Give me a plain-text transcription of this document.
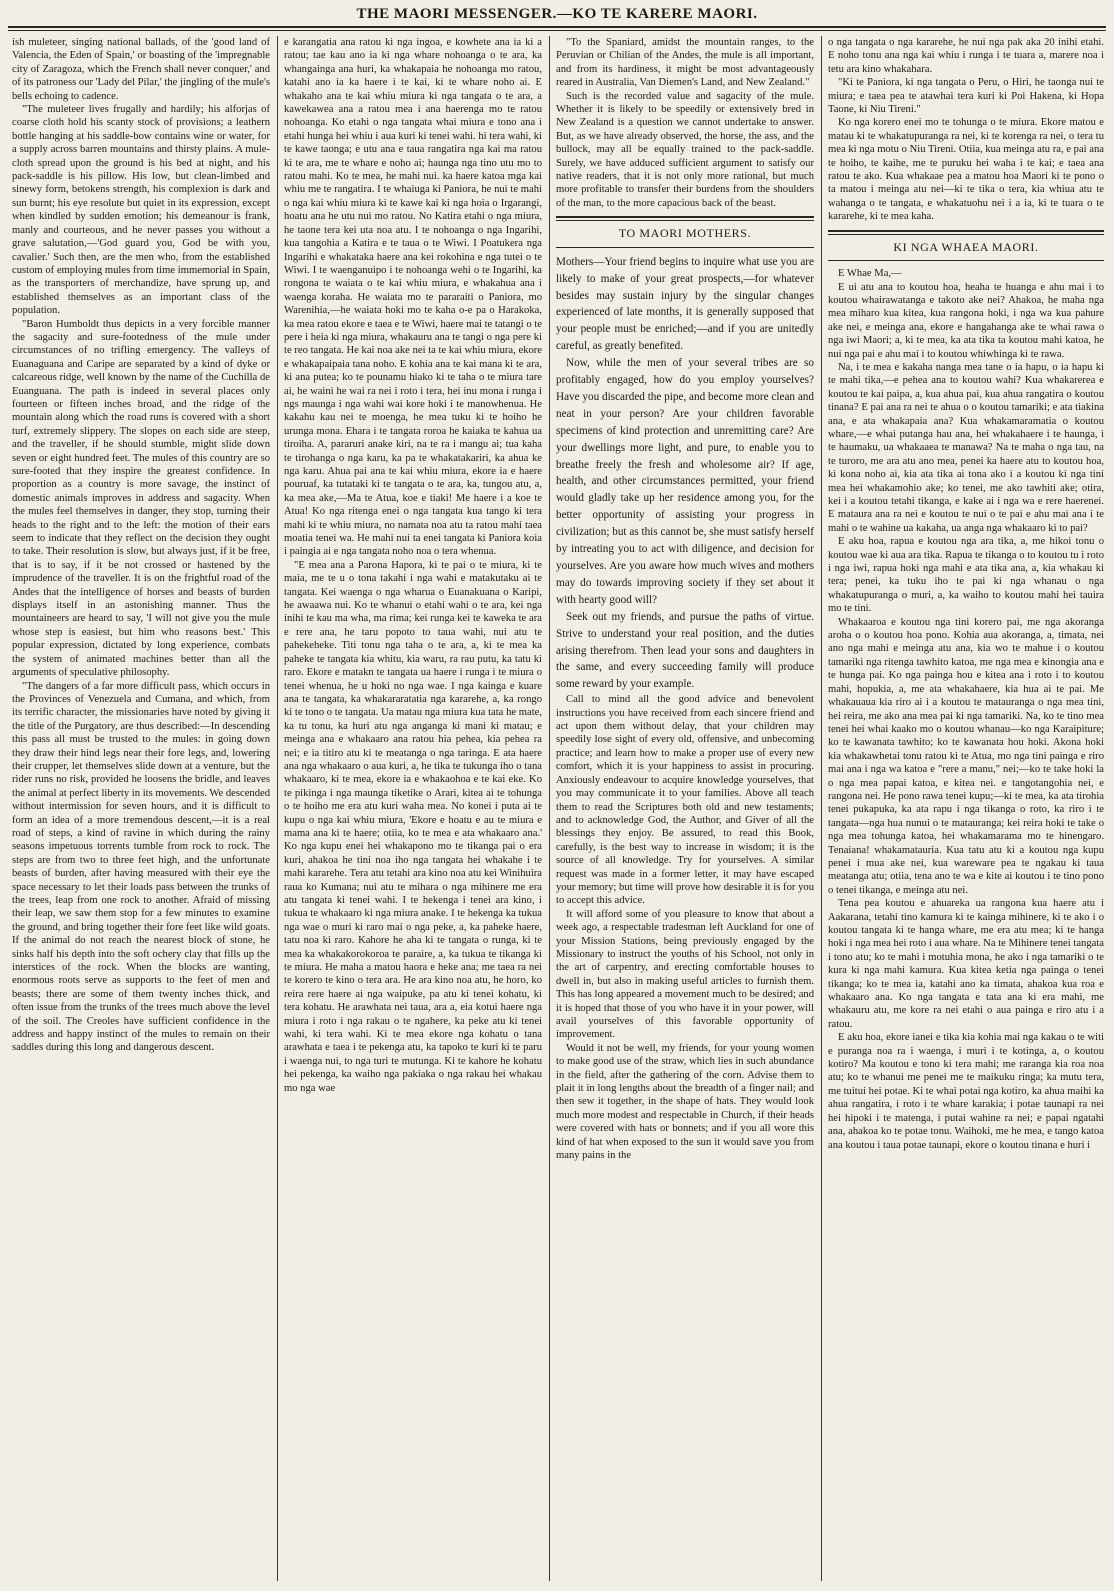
THE MAORI MESSENGER.—KO TE KARERE MAORI.

ish muleteer, singing national ballads, of the 'good land of Valencia, the Eden of Spain,' or boasting of the 'impregnable city of Zaragoza, which the French shall never conquer,' and of its patroness our 'Lady del Pilar,' the jingling of the mule's bells echoing to cadence.

"The muleteer lives frugally and hardily; his alforjas of coarse cloth hold his scanty stock of provisions; a leathern bottle hanging at his saddle-bow contains wine or water, for a supply across barren mountains and thirsty plains. A mule-cloth spread upon the ground is his bed at night, and his pack-saddle is his pillow. His low, but clean-limbed and sinewy form, betokens strength, his complexion is dark and sun burnt; his eye resolute but quiet in its expression, except when kindled by sudden emotion; his demeanour is frank, manly and courteous, and he never passes you without a grave salutation,—'God guard you, God be with you, cavalier.' Such then, are the men who, from the established custom of employing mules from time immemorial in Spain, as the transporters of merchandize, have sprung up, and established themselves as an important class of the population.

"Baron Humboldt thus depicts in a very forcible manner the sagacity and sure-footedness of the mule under circumstances of no trifling emergency. The valleys of Euanaguana and Caripe are separated by a kind of dyke or calcareous ridge, well known by the name of the Cuchilla de Euanguana. The path is indeed in several places only fourteen or fifteen inches broad, and the ridge of the mountain along which the road runs is covered with a short turf, extremely slippery. The slopes on each side are steep, and the traveller, if he should stumble, might slide down seven or eight hundred feet. The mules of this country are so sure-footed that they inspire the greatest confidence. In proportion as a country is more savage, the instinct of domestic animals improves in address and sagacity. When the mules feel themselves in danger, they stop, turning their heads to the right and to the left: the motion of their ears seem to indicate that they reflect on the decision they ought to take. Their resolution is slow, but always just, if it be free, that is to say, if it be not crossed or hastened by the imprudence of the traveller. It is on the frightful road of the Andes that the intelligence of horses and beasts of burden displays itself in an astonishing manner. Thus the mountaineers are heard to say, 'I will not give you the mule whose step is easiest, but him who reasons best.' This popular expression, dictated by long experience, combats the system of animated machines better than all the arguments of speculative philosophy.

"The dangers of a far more difficult pass, which occurs in the Provinces of Venezuela and Cumana, and which, from its terrific character, the missionaries have noted by giving it the title of the Purgatory, are thus described:—In descending this pass all must be trusted to the mules: in going down they draw their hind legs near their fore legs, and, lowering their crupper, let themselves slide down at a venture, but the rider runs no risk, provided he loosens the bridle, and leaves the animal at perfect liberty in its movements. We descended without intermission for seven hours, and it is difficult to form an idea of a more tremendous descent,—it is a real road of steps, a kind of ravine in which during the rainy seasons impetuous torrents tumble from rock to rock. The steps are from two to three feet high, and the unfortunate beasts of burden, after having measured with their eye the space necessary to let their loads pass between the trunks of the trees, leap from one rock to another. Afraid of missing their leap, we saw them stop for a few minutes to examine the ground, and bring together their fore feet like wild goats. If the animal do not reach the nearest block of stone, he sinks half his depth into the soft ochery clay that fills up the interstices of the rock. When the blocks are wanting, enormous roots serve as supports to the feet of men and beasts; there are some of them twenty inches thick, and often issue from the trunks of the trees much above the level of the soil. The Creoles have sufficient confidence in the address and happy instinct of the mules to remain on their saddles during this long and dangerous descent.

e karangatia ana ratou ki nga ingoa, e kowhete ana ia ki a ratou; tae kau ano ia ki nga whare nohoanga o te ara, ka whangainga ana huri, ka whakapaia he nohoanga mo ratou, katahi ano ia ka haere i te kai, ki te whare noho ai. E whakaho ana te kai whiu miura ki nga tangata o te ara, a kawekawea ana a ratou mea i ana haerenga mo te ratou nohoanga. Ko etahi o nga tangata whai miura e tono ana i etahi hunga hei whiu i aua kuri ki tenei wahi. hi tera wahi, ki te kawe taonga; e utu ana e taua rangatira nga kai ma ratou ki te ara, me te whare e noho ai; haunga nga tino utu mo to ratou mahi. Ko te mea, he mahi nui. ka haere katoa mga kai whiu me te rangatira. I te whaiuga ki Paniora, he nui te mahi o nga kai whiu miura ki te kawe kai ki nga hoia o Irgarangi, hoatu ana he utu nui mo ratou. No Katira etahi o nga miura, he taone tera kei uta noa atu. I te nohoanga o nga Ingarihi, kua tangohia a Katira e te taua o te Wiwi. I Poatukera nga Ingarihi e whakataka haere ana kei rokohina e nga tutei o te Wiwi. I te waenganuipo i te nohoanga wehi o te Ingarihi, ka rongona te waiata o te kai whiu miura, e whakahua ana i waenga koraha. He waiata mo te pararaiti o Paniora, mo Warenihia,—he waiata hoki mo te kaha o-e pa o Harakoka, ka mea ratou ekore e taea e te Wiwi, haere mai te tatangi o te pere i heia ki nga miura, whakauru ana te tangi o nga pere ki te reo tangata. He kai noa ake nei ta te kai whiu miura, ekore e whakapaipaia tana noho. E kohia ana te kai mana ki te ara, ki ana putea; ko te pounamu hiako ki te taha o te miura tare ai, he waini he wai ra nei i roto i tera, hei inu mona i runga i ngs maunga i nga wahi wai kore hoki i te manowhenua. He kakahu kau nei te moenga, he mea tuku ki te hoiho he urunga mona. Ehara i te tangata roroa he kaiaka te kahua ua tiroiha. A, pararuri anake kiri, na te ra i mangu ai; tua kaha te tirohanga o nga karu, ka pa te whakatakariri, ka ahua ke nga karu. Ahua pai ana te kai whiu miura, ekore ia e haere pouruaf, ka tutataki ki te tangata o te ara, ka, tungou atu, a, ka mea ake,—Ma te Atua, koe e tiaki! Me haere i a koe te Atua! Ko nga ritenga enei o nga tangata kua tango ki tera mahi ki te whiu miura, no namata noa atu ta ratou mahi taea moatia tenei wa. He mahi nui ta enei tangata ki Paniora koia i paingia ai e nga tangata noho noa o tera whenua.

"E mea ana a Parona Hapora, ki te pai o te miura, ki te maia, me te u o tona takahi i nga wahi e matakutaku ai te tangata. Kei waenga o nga wharua o Euanakuana o Karipi, he awaawa nui. Ko te whanui o etahi wahi o te ara, kei nga inihi te kau ma wha, ma rima; kei runga kei te kaweka te ara e rere ana, he taru popoto to taua wahi, nui atu te pahekeheke. Titi tonu nga taha o te ara, a, ki te mea ka paheke te tangata kia whitu, kia waru, ra rau putu, ka tatu ki raro. Ekore e matakn te tangata ua haere i runga i te miura o tenei whenua, he u hoki no nga wae. I nga kainga e kuare ana te tangata, ka whakararatatia nga kararehe, a, ka rongo ki te tono o te tangata. Ua matau nga miura kua tata he mate, ka tu tonu, ka huri atu nga anganga ki mani ki matau; e meinga ana e whakaaro ana ratou hia pehea, kia pehea ra nei; e ia titiro atu ki te meatanga o nga taringa. E ata haere ana nga whakaaro o aua kuri, a, he tika te tukunga iho o tana whakaaro, ki te mea, ekore ia e whakaohoa e te kai eke. Ko te pikinga i nga maunga tiketike o Arari, kitea ai te tohunga o te hoiho me era atu kuri waha mea. No konei i puta ai te kupu o nga kai whiu miura, 'Ekore e hoatu e au te miura e mama ana ki te haere; otiia, ko te mea e ata whakaaro ana.' Ko nga kupu enei hei whakapono mo te tikanga pai o era kuri, ahakoa he tini noa iho nga tangata hei whakahe i te mahi kararehe. Tera atu tetahi ara kino noa atu kei Winihuira raua ko Kumana; nui atu te mihara o nga mihinere me era atu tangata ki tenei wahi. I te hekenga i tenei ara kino, i tukua te whakaaro ki nga miura anake. I te hekenga ka tukua nga wae o muri ki raro mai o nga peke, a, ka paheke haere, tatu noa ki raro. Kahore he aha ki te tangata o runga, ki te mea ka whakakorokoroa te paraire, a, ka tukua te tikanga ki te miura. He maha a matou haora e heke ana; me taea ra nei te korero te kino o tera ara. He ara kino noa atu, he horo, ko reira rere haere ai nga waipuke, pa atu ki tenei kohatu, ki tera kohatu. He arawhata nei taua, ara a, eia kotui haere nga miura i roto i nga rakau o te ngahere, ka peke atu ki tenei wahi, ki tera wahi. Ki te mea ekore nga kohatu o tana arawhata e taea i te pekenga atu, ka tapoko te kuri ki te paru i waenga nui, to nga turi te mutunga. Ki te kahore he kohatu hei pekenga, ka waiho nga pakiaka o nga rakau hei whakau mo nga wae

"To the Spaniard, amidst the mountain ranges, to the Peruvian or Chilian of the Andes, the mule is all important, and from its hardiness, it might be most advantageously reared in Australia, Van Diemen's Land, and New Zealand."

Such is the recorded value and sagacity of the mule. Whether it is likely to be speedily or extensively bred in New Zealand is a question we cannot undertake to answer. But, as we have already observed, the horse, the ass, and the bullock, may all be equally trained to the pack-saddle. Surely, we have adduced sufficient argument to satisfy our native readers, that it is not only more rational, but much more profitable to transfer their burdens from the shoulders of the man, to the more capacious back of the beast.

TO MAORI MOTHERS.

Mothers—Your friend begins to inquire what use you are likely to make of your great prospects,—for whatever besides may sustain injury by the singular changes experienced of late months, it is generally supposed that your people must be enriched;—and if you are unitedly careful, as greatly benefited.

Now, while the men of your several tribes are so profitably engaged, how do you employ yourselves? Have you discarded the pipe, and become more clean and neat in your person? Are your children favorable specimens of kind protection and unremitting care? Are your dwellings more light, and pure, to enable you to breathe freely the fresh and wholesome air? If age, health, and other circumstances permitted, your friend would gladly take up her residence among you, for the better opportunity of assisting your progress in civilization; but as this cannot be, she must satisfy herself by intreating you to act with diligence, and decision for yourselves. Are you aware how much wives and mothers may do towards improving society if they set about it with hearty good will?

Seek out my friends, and pursue the paths of virtue. Strive to understand your real position, and the duties arising therefrom. Then lead your sons and daughters in the same, and every succeeding family will produce some reward by your example.

Call to mind all the good advice and benevolent instructions you have received from each sincere friend and act upon them without delay, that your children may speedily lose sight of every old, offensive, and unbecoming practice; and learn how to make a proper use of every new comfort, which it is your happiness to assist in procuring. Anxiously endeavour to acquire knowledge yourselves, that you may communicate it to your families. Above all teach them to read the Scriptures both old and new testaments; and to acknowledge God, the Author, and Giver of all the blessings they enjoy. Be assured, to read this Book, carefully, is the best way to increase in wisdom; it is the source of all knowledge. Try for yourselves. A similar request was made in a former letter, it may have escaped your memory; but time will prove how desirable it is for you to accept this advice.

It will afford some of you pleasure to know that about a week ago, a respectable tradesman left Auckland for one of your Mission Stations, being previously engaged by the Missionary to instruct the youths of his School, not only in the art of carpentry, and erecting comfortable houses to dwell in, but also in making useful articles to furnish them. This has long appeared a movement much to be desired; and it is hoped that those of you who have it in your power, will avail yourselves of this favorable opportunity of improvement.

Would it not be well, my friends, for your young women to make good use of the straw, which lies in such abundance in the field, after the gathering of the corn. Advise them to plait it in long lengths about the breadth of a finger nail; and then sew it together, in the shape of hats. They would look much more modest and respectable in Church, if their heads were covered with hats or bonnets; and if you all wore this kind of hat when exposed to the sun it would save you from many pains in the

o nga tangata o nga kararehe, he nui nga pak aka 20 inihi etahi. E noho tonu ana nga kai whiu i runga i te tuara a, marere noa i tetu ara kino whakahara.

"Ki te Paniora, ki nga tangata o Peru, o Hiri, he taonga nui te miura; e taea pea te atawhai tera kuri ki Poi Hakena, ki Hopa Taone, ki Niu Tireni."

Ko nga korero enei mo te tohunga o te miura. Ekore matou e matau ki te whakatupuranga ra nei, ki te korenga ra nei, o tera tu mea ki nga motu o Niu Tireni. Otiia, kua meinga atu ra, e pai ana te hoiho, te kaihe, me te puruku hei waha i te kai; e taea ana ratou te ako. Kua whakaae pea a matou hoa Maori ki te pono o ta matou i meinga atu nei—ki te tika o tera, kia whiua atu te wahanga o te tangata, e whakatuohu nei i a ia, ki te tuara o te kararehe, ki te mea kaha.

KI NGA WHAEA MAORI.

E Whae Ma,—

E ui atu ana to koutou hoa, heaha te huanga e ahu mai i to koutou whairawatanga e takoto ake nei? Ahakoa, he maha nga mea miharo kua kitea, kua rangona hoki, i nga wa kua pahure ake nei, e meinga ana, ekore e hangahanga ake te whai rawa o nga iwi Maori; a, ki te mea, ka ata tika ta koutou mahi katoa, he nui nga pai e ahu mai i to koutou whiwhinga ki te rawa.

Na, i te mea e kakaha nanga mea tane o ia hapu, o ia hapu ki te mahi tika,—e pehea ana to koutou wahi? Kua whakarerea e koutou te kai paipa, a, kua ahua pai, kua ahua rangatira o koutou tinana? E pai ana ra nei te ahua o o koutou tamariki; e ata tiakina ana, e ata whakapaia ana? Kua whakamaramatia o koutou whare,—e whai putanga hau ana, hei whakahaere i te haunga, i te haumaku, ua whakaaea te manawa? Na te maha o nga tau, na te turoro, me ara atu ano mea, penei ka haere atu to koutou hoa, ki kona noho ai, kia ata tika ai tona ako i a koutou ki nga tini mea hei whakamohio ake; ko tenei, me ako tawhiti ake; otira, kei i a koutou tetahi tikanga, e kake ai i nga wa e rere haerenei. E mataura ana ra nei e koutou te nui o te pai e ahu mai ana i te mahi o te wahine ua kakaha, ua anga nga whakaaro ki to pai?

E aku hoa, rapua e koutou nga ara tika, a, me hikoi tonu o koutou wae ki aua ara tika. Rapua te tikanga o to koutou tu i roto i nga iwi, rapua hoki nga mahi e ata tika ana, a, kia whakau ki tera; penei, ka tuku iho te pai ki nga whanau o nga whakatupuranga o muri, a, ka waiho to koutou mahi hei tauira mo te tini.

Whakaaroa e koutou nga tini korero pai, me nga akoranga aroha o o koutou hoa pono. Kohia aua akoranga, a, timata, nei ano nga mahi e meinga atu ana, kia wo te mahue i o koutou tamariki nga ritenga tawhito katoa, me nga mea e kinongia ana e te hunga pai. Ko nga painga hou e kitea ana i roto i to koutou mahi, hopukia, a, me ata whakahaere, kia hua ai te pai. Me whakauaua kia riro ai i a koutou te matauranga o nga mea tini, hei reira, me ako ana mea pai ki nga tamariki. Na, ko te tino mea tenei hei whai kaako mo o koutou whanau—ko nga Karaipiture; ko te kawanata tawhito; ko te kawanata hou hoki. Akona hoki kia whakawhetai tonu ratou ki te Atua, mo nga tini painga e riro mai ana i nga wa katoa e "rere a manu," nei;—ko te take hoki la o nga mea papai katoa, e kitea nei. e tangotangohia nei, e rangona nei. He pono rawa tenei kupu;—ki te mea, ka ata tirohia tenei pukapuka, ka ata rapu i nga tikanga o roto, ka riro i te tangata—nga hua nunui o te matauranga; kei reira hoki te take o nga mea tohunga katoa, hei whakamarama mo te hinengaro. Tenaiana! whakamatauria. Kua tatu atu ki a koutou nga kupu penei i mua ake nei, kua wareware pea te ngakau ki taua meatanga atu; otiia, tena ano te wa e kite ai koutou i te tino pono o tenei tikanga, e meinga atu nei.

Tena pea koutou e ahuareka ua rangona kua haere atu i Aakarana, tetahi tino kamura ki te kainga mihinere, ki te ako i o koutou tangata ki te hanga whare, me era atu mea; ki te hanga hoki i nga mea hei roto i aua whare. Na te Mihinere tenei tangata i tono atu; ko te mahi i motuhia mona, he ako i nga tamariki o te kura ki nga mahi kamura. Kua kitea ketia nga painga o tenei tikanga; ko te mea ia, katahi ano ka timata, ahakoa kua roa e whakaaro ana. Ko nga tangata e tata ana ki era mahi, me whakauru atu, me kore ra nei etahi o aua painga e riro atu i a ratou.

E aku hoa, ekore ianei e tika kia kohia mai nga kakau o te witi e puranga noa ra i waenga, i muri i te kotinga, a, o koutou kotiro? Ma koutou e tono ki tera mahi; me raranga kia roa noa atu; ko te whanui me penei me te maikuku ringa; ka mutu tera, me tuitui hei potae. Ki te whai potai nga kotiro, ka ahua maihi ka ahua rangatira, i roto i te whare karakia; i potae taunapi ra nei hei hipoki i te matenga, i putai wahine ra nei; e papai ngatahi ana, ahakoa ko te potae tonu. Waihoki, me he mea, e tango katoa ana koutou i taua potae taunapi, ekore o koutou tinana e huri i
